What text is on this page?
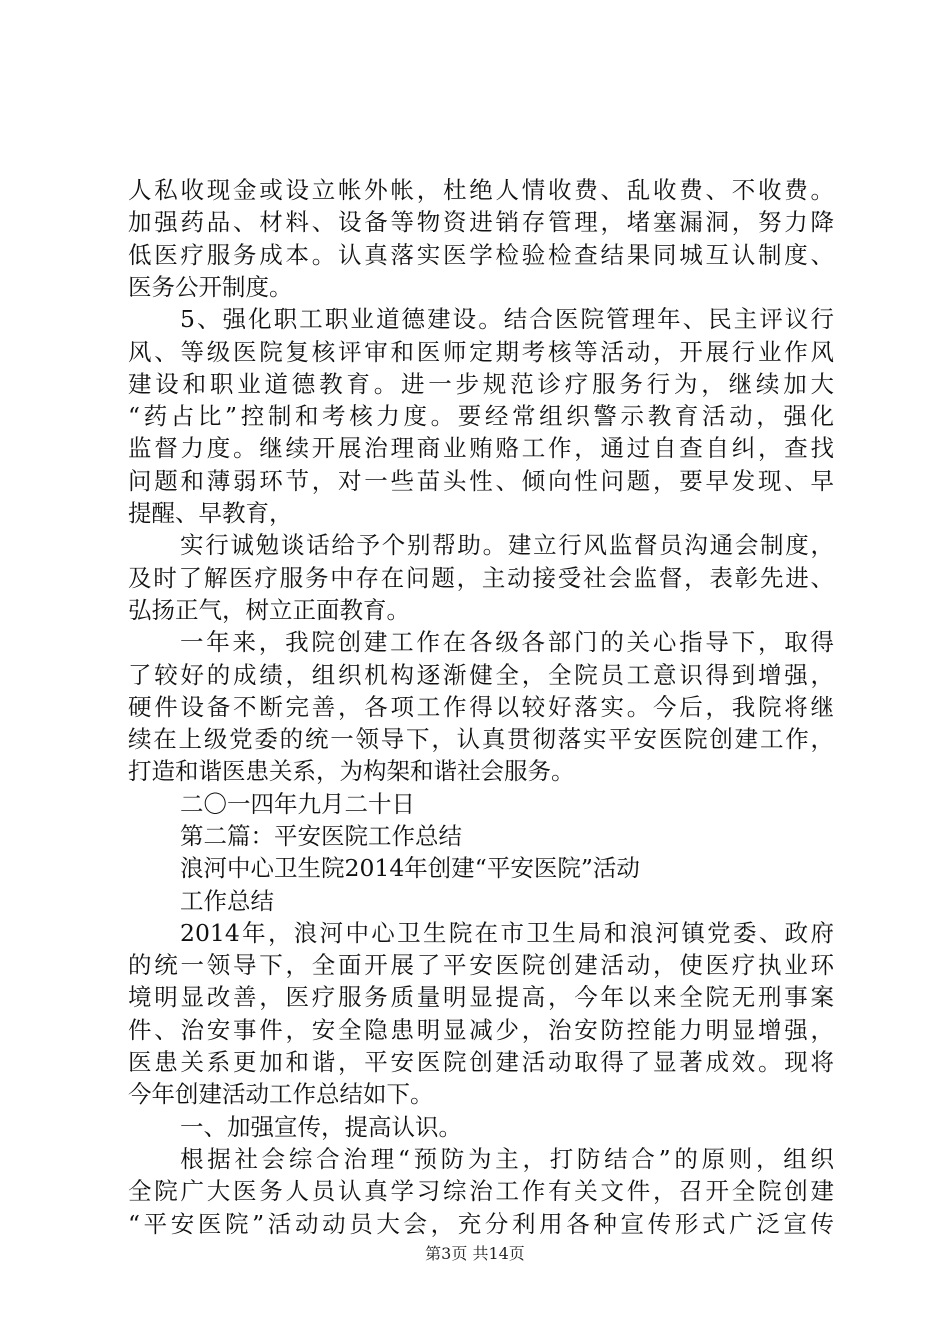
人私收现金或设立帐外帐，杜绝人情收费、乱收费、不收费。
加强药品、材料、设备等物资进销存管理，堵塞漏洞，努力降
低医疗服务成本。认真落实医学检验检查结果同城互认制度、
医务公开制度。
5、强化职工职业道德建设。结合医院管理年、民主评议行
风、等级医院复核评审和医师定期考核等活动，开展行业作风
建设和职业道德教育。进一步规范诊疗服务行为，继续加大
“药占比”控制和考核力度。要经常组织警示教育活动，强化
监督力度。继续开展治理商业贿赂工作，通过自查自纠，查找
问题和薄弱环节，对一些苗头性、倾向性问题，要早发现、早
提醒、早教育，
实行诚勉谈话给予个别帮助。建立行风监督员沟通会制度，
及时了解医疗服务中存在问题，主动接受社会监督，表彰先进、
弘扬正气，树立正面教育。
一年来，我院创建工作在各级各部门的关心指导下，取得
了较好的成绩，组织机构逐渐健全，全院员工意识得到增强，
硬件设备不断完善，各项工作得以较好落实。今后，我院将继
续在上级党委的统一领导下，认真贯彻落实平安医院创建工作，
打造和谐医患关系，为构架和谐社会服务。
二〇一四年九月二十日
第二篇：平安医院工作总结
浪河中心卫生院2014年创建“平安医院”活动
工作总结
2014年，浪河中心卫生院在市卫生局和浪河镇党委、政府
的统一领导下，全面开展了平安医院创建活动，使医疗执业环
境明显改善，医疗服务质量明显提高，今年以来全院无刑事案
件、治安事件，安全隐患明显减少，治安防控能力明显增强，
医患关系更加和谐，平安医院创建活动取得了显著成效。现将
今年创建活动工作总结如下。
一、加强宣传，提高认识。
根据社会综合治理“预防为主，打防结合”的原则，组织
全院广大医务人员认真学习综治工作有关文件，召开全院创建
“平安医院”活动动员大会，充分利用各种宣传形式广泛宣传
第3页 共14页
